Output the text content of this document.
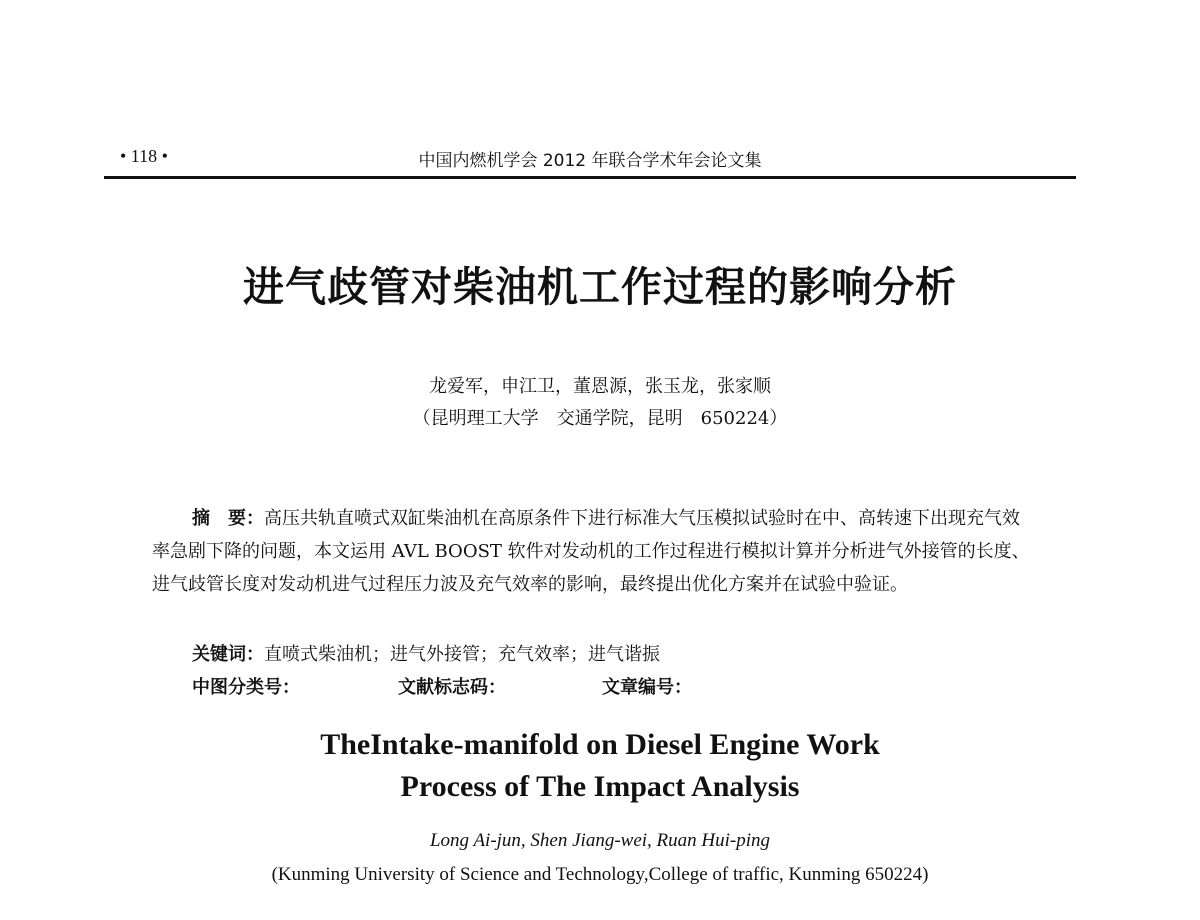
• 118 •	中国内燃机学会 2012 年联合学术年会论文集
进气歧管对柴油机工作过程的影响分析
龙爱军，申江卫，董恩源，张玉龙，张家顺
（昆明理工大学　交通学院，昆明　650224）

摘　要：高压共轨直喷式双缸柴油机在高原条件下进行标准大气压模拟试验时在中、高转速下出现充气效率急剧下降的问题，本文运用 AVL BOOST 软件对发动机的工作过程进行模拟计算并分析进气外接管的长度、进气歧管长度对发动机进气过程压力波及充气效率的影响，最终提出优化方案并在试验中验证。

关键词：直喷式柴油机；进气外接管；充气效率；进气谐振
中图分类号：	文献标志码：	文章编号：
TheIntake-manifold on Diesel Engine Work
Process of The Impact Analysis
Long Ai-jun, Shen Jiang-wei, Ruan Hui-ping
(Kunming University of Science and Technology,College of traffic, Kunming 650224)
